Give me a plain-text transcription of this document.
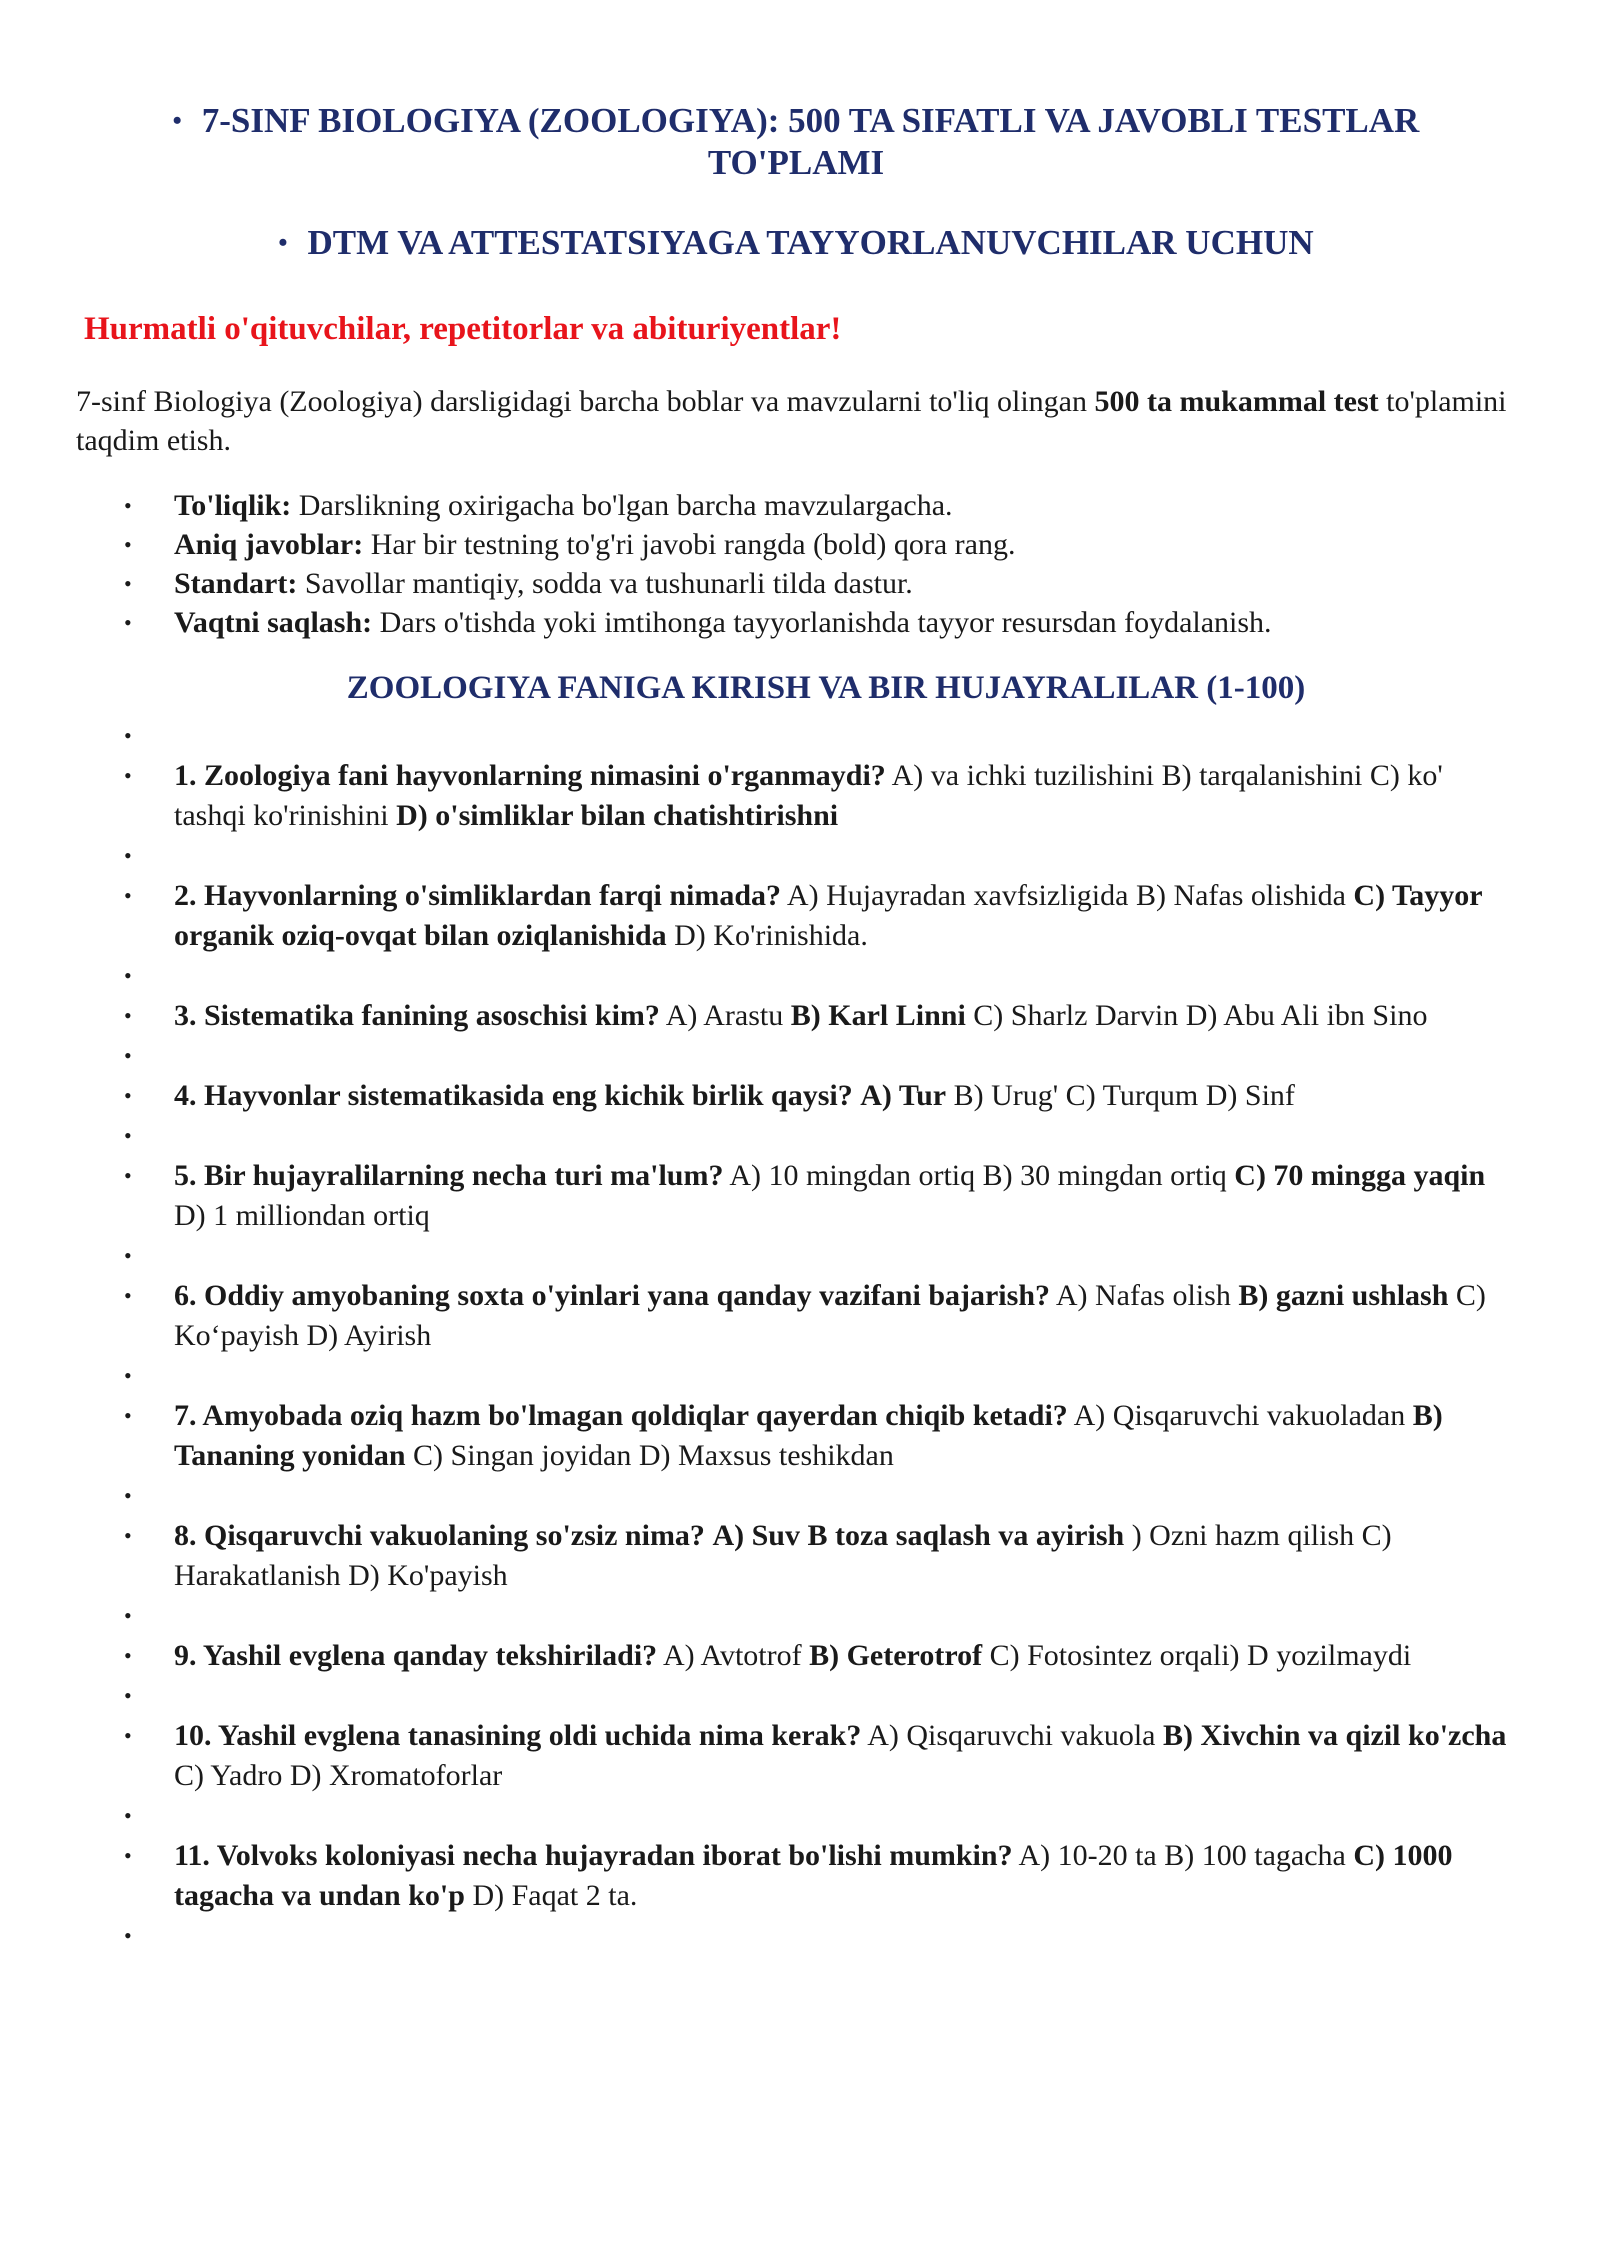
• 7-SINF BIOLOGIYA (ZOOLOGIYA): 500 TA SIFATLI VA JAVOBLI TESTLAR
TO'PLAMI
• DTM VA ATTESTATSIYAGA TAYYORLANUVCHILAR UCHUN
Hurmatli o'qituvchilar, repetitorlar va abituriyentlar!
7-sinf Biologiya (Zoologiya) darsligidagi barcha boblar va mavzularni to'liq olingan 500 ta mukammal test to'plamini taqdim etish.
• To'liqlik: Darslikning oxirigacha bo'lgan barcha mavzulargacha.
• Aniq javoblar: Har bir testning to'g'ri javobi rangda (bold) qora rang.
• Standart: Savollar mantiqiy, sodda va tushunarli tilda dastur.
• Vaqtni saqlash: Dars o'tishda yoki imtihonga tayyorlanishda tayyor resursdan foydalanish.
ZOOLOGIYA FANIGA KIRISH VA BIR HUJAYRALILAR (1-100)
•
• 1. Zoologiya fani hayvonlarning nimasini o'rganmaydi? A) va ichki tuzilishini B) tarqalanishini C) ko' tashqi ko'rinishini D) o'simliklar bilan chatishtirishni
•
• 2. Hayvonlarning o'simliklardan farqi nimada? A) Hujayradan xavfsizligida B) Nafas olishida C) Tayyor organik oziq-ovqat bilan oziqlanishida D) Ko'rinishida.
•
• 3. Sistematika fanining asoschisi kim? A) Arastu B) Karl Linni C) Sharlz Darvin D) Abu Ali ibn Sino
•
• 4. Hayvonlar sistematikasida eng kichik birlik qaysi? A) Tur B) Urug' C) Turqum D) Sinf
•
• 5. Bir hujayralilarning necha turi ma'lum? A) 10 mingdan ortiq B) 30 mingdan ortiq C) 70 mingga yaqin D) 1 milliondan ortiq
•
• 6. Oddiy amyobaning soxta o'yinlari yana qanday vazifani bajarish? A) Nafas olish B) gazni ushlash C) Ko‘payish D) Ayirish
•
• 7. Amyobada oziq hazm bo'lmagan qoldiqlar qayerdan chiqib ketadi? A) Qisqaruvchi vakuoladan B) Tananing yonidan C) Singan joyidan D) Maxsus teshikdan
•
• 8. Qisqaruvchi vakuolaning so'zsiz nima? A) Suv B toza saqlash va ayirish ) Ozni hazm qilish C) Harakatlanish D) Ko'payish
•
• 9. Yashil evglena qanday tekshiriladi? A) Avtotrof B) Geterotrof C) Fotosintez orqali) D yozilmaydi
•
• 10. Yashil evglena tanasining oldi uchida nima kerak? A) Qisqaruvchi vakuola B) Xivchin va qizil ko'zcha C) Yadro D) Xromatoforlar
•
• 11. Volvoks koloniyasi necha hujayradan iborat bo'lishi mumkin? A) 10-20 ta B) 100 tagacha C) 1000 tagacha va undan ko'p D) Faqat 2 ta.
•
